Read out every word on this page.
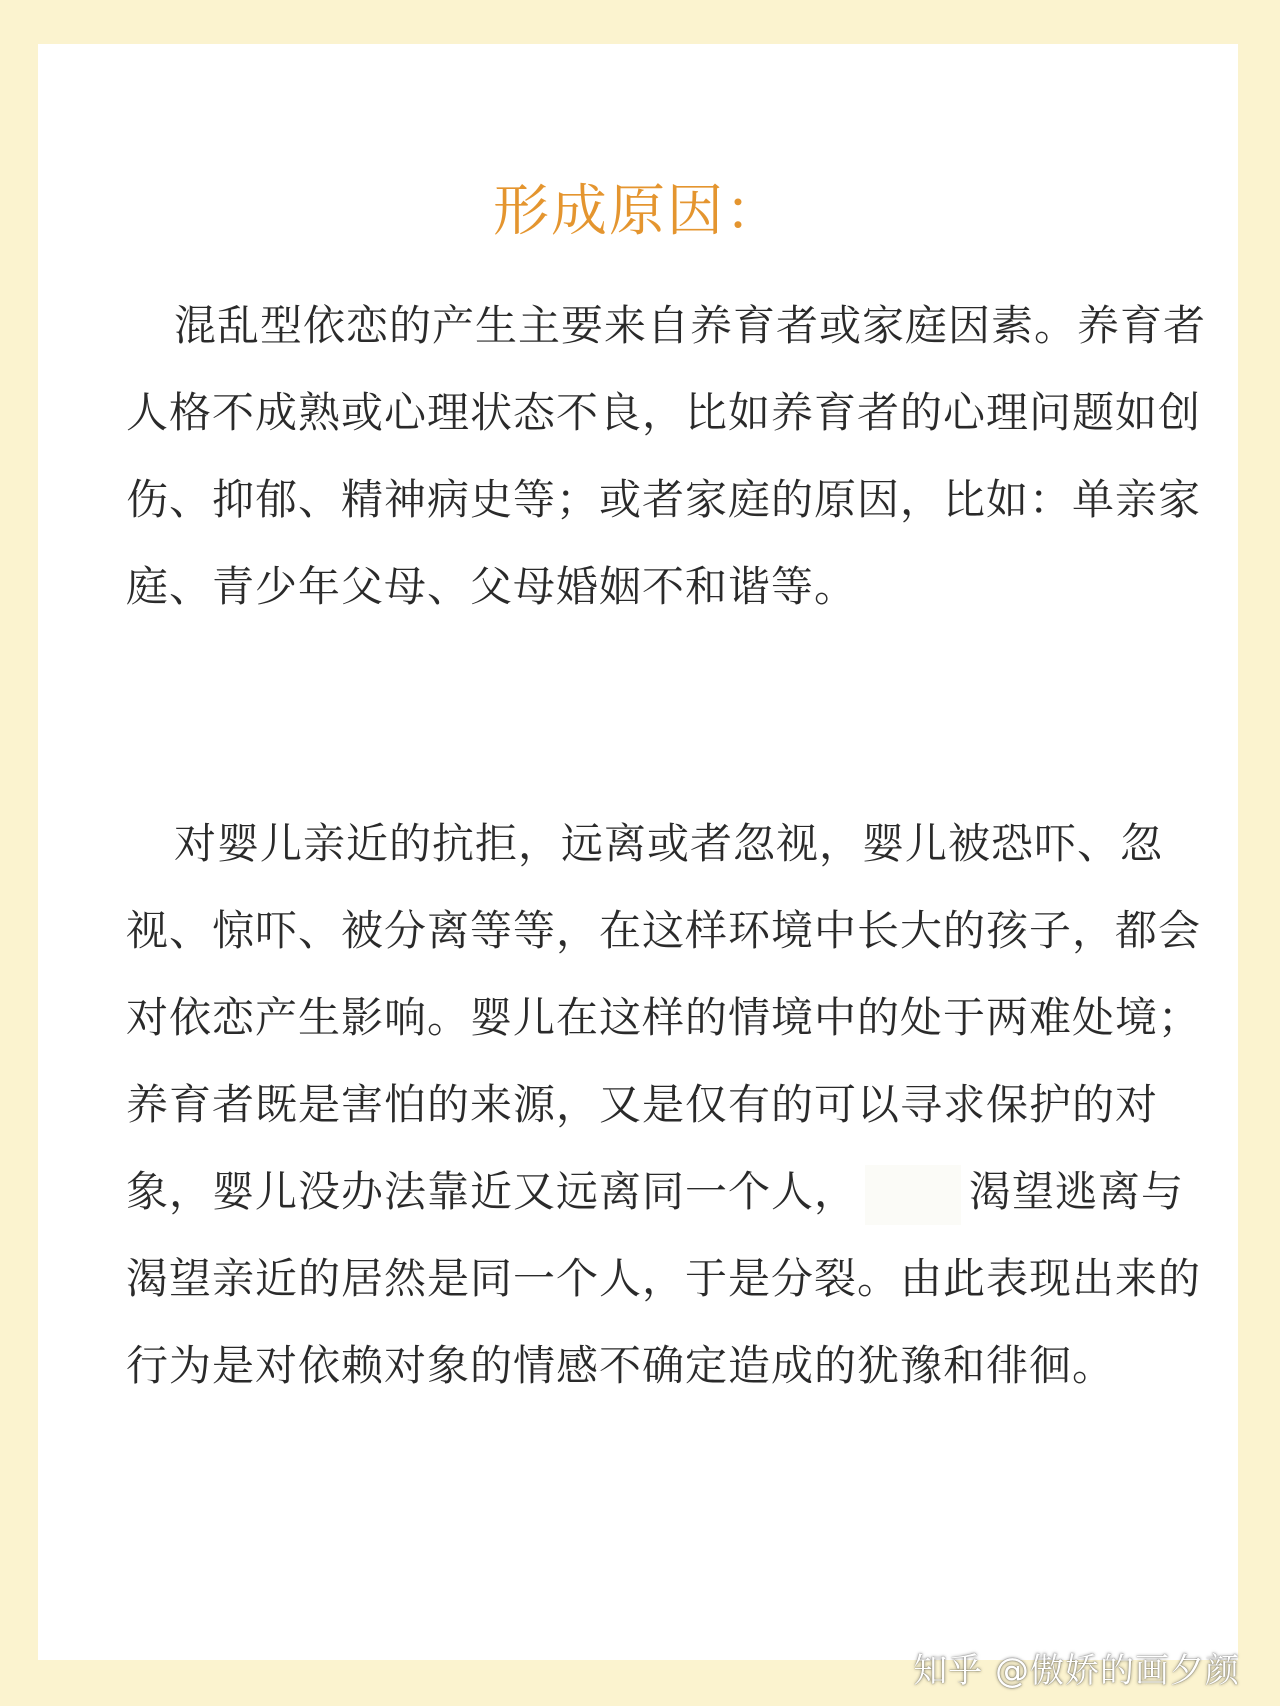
形成原因：

混乱型依恋的产生主要来自养育者或家庭因素。养育者人格不成熟或心理状态不良，比如养育者的心理问题如创伤、抑郁、精神病史等；或者家庭的原因，比如：单亲家庭、青少年父母、父母婚姻不和谐等。

对婴儿亲近的抗拒，远离或者忽视，婴儿被恐吓、忽视、惊吓、被分离等等，在这样环境中长大的孩子，都会对依恋产生影响。婴儿在这样的情境中的处于两难处境；养育者既是害怕的来源，又是仅有的可以寻求保护的对象，婴儿没办法靠近又远离同一个人，	渴望逃离与渴望亲近的居然是同一个人，于是分裂。由此表现出来的行为是对依赖对象的情感不确定造成的犹豫和徘徊。

知乎 @傲娇的画夕颜
